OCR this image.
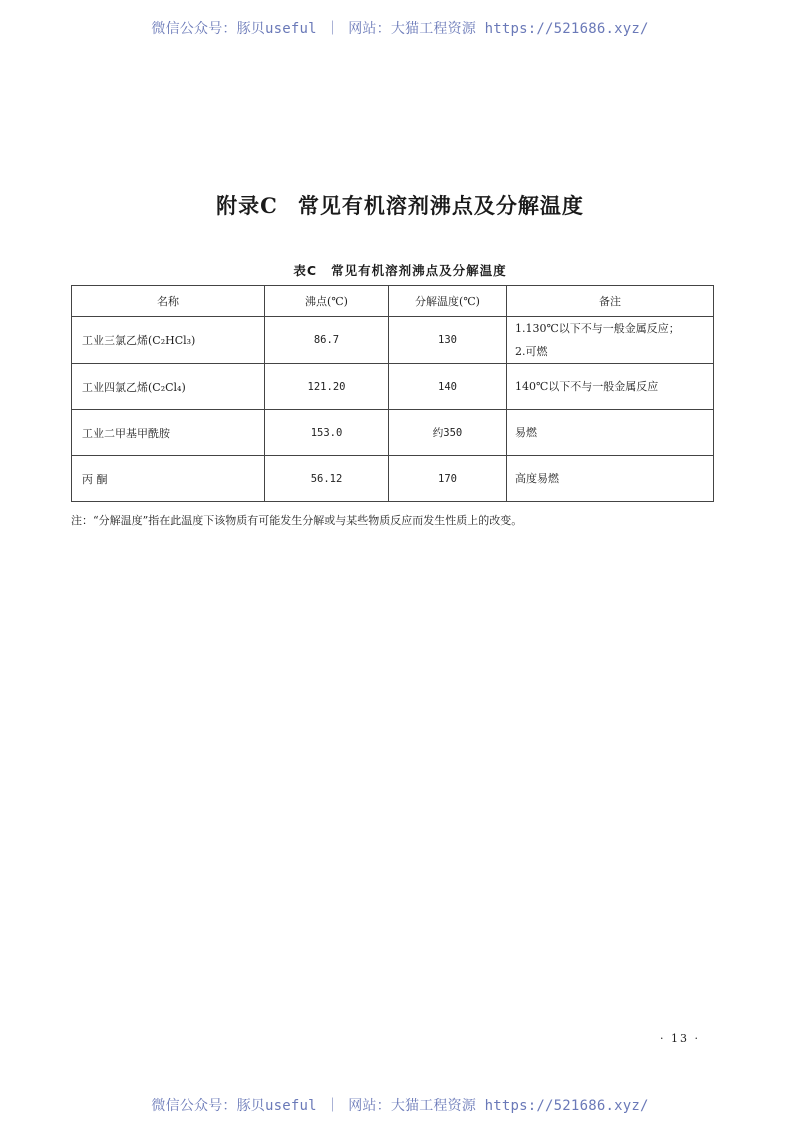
微信公众号：豚贝useful ｜ 网站：大猫工程资源 https://521686.xyz/
附录C 常见有机溶剂沸点及分解温度
表C 常见有机溶剂沸点及分解温度
名称	沸点(℃)	分解温度(℃)	备注
工业三氯乙烯(C₂HCl₃)	86.7	130	1.130℃以下不与一般金属反应；
2.可燃

工业四氯乙烯(C₂Cl₄)	121.20	140	140℃以下不与一般金属反应

工业二甲基甲酰胺	153.0	约350	易燃

丙 酮	56.12	170	高度易燃
注：“分解温度”指在此温度下该物质有可能发生分解或与某些物质反应而发生性质上的改变。
· 13 ·
微信公众号：豚贝useful ｜ 网站：大猫工程资源 https://521686.xyz/
